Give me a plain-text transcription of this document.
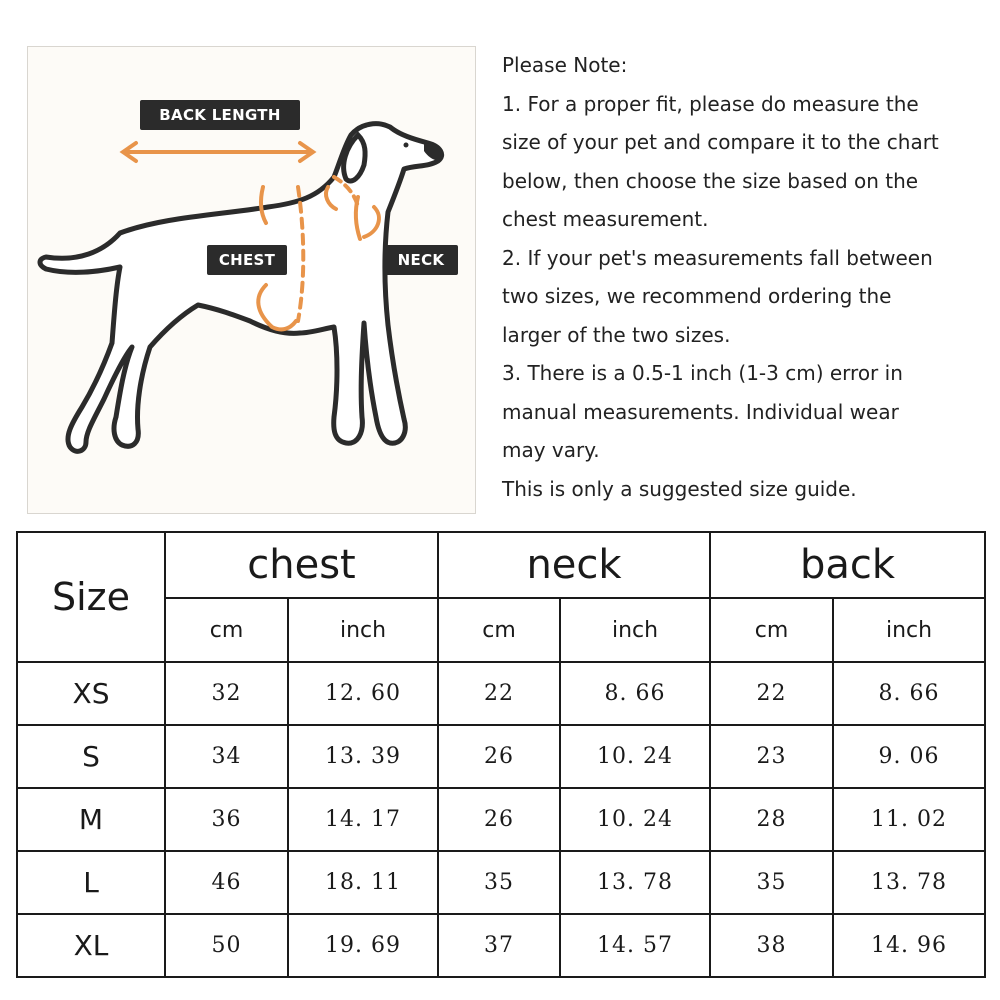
BACK LENGTH
CHEST	NECK

Please Note:

1. For a proper fit, please do measure the

size of your pet and compare it to the chart

below, then choose the size based on the

chest measurement.

2. If your pet's measurements fall between

two sizes, we recommend ordering the

larger of the two sizes.

3. There is a 0.5-1 inch (1-3 cm) error in

manual measurements. Individual wear

may vary.

This is only a suggested size guide.

Size	chest		neck		back	
	cm	inch	cm	inch	cm	inch
XS	32	12. 60	22	8. 66	22	8. 66
S	34	13. 39	26	10. 24	23	9. 06
M	36	14. 17	26	10. 24	28	11. 02
L	46	18. 11	35	13. 78	35	13. 78
XL	50	19. 69	37	14. 57	38	14. 96
